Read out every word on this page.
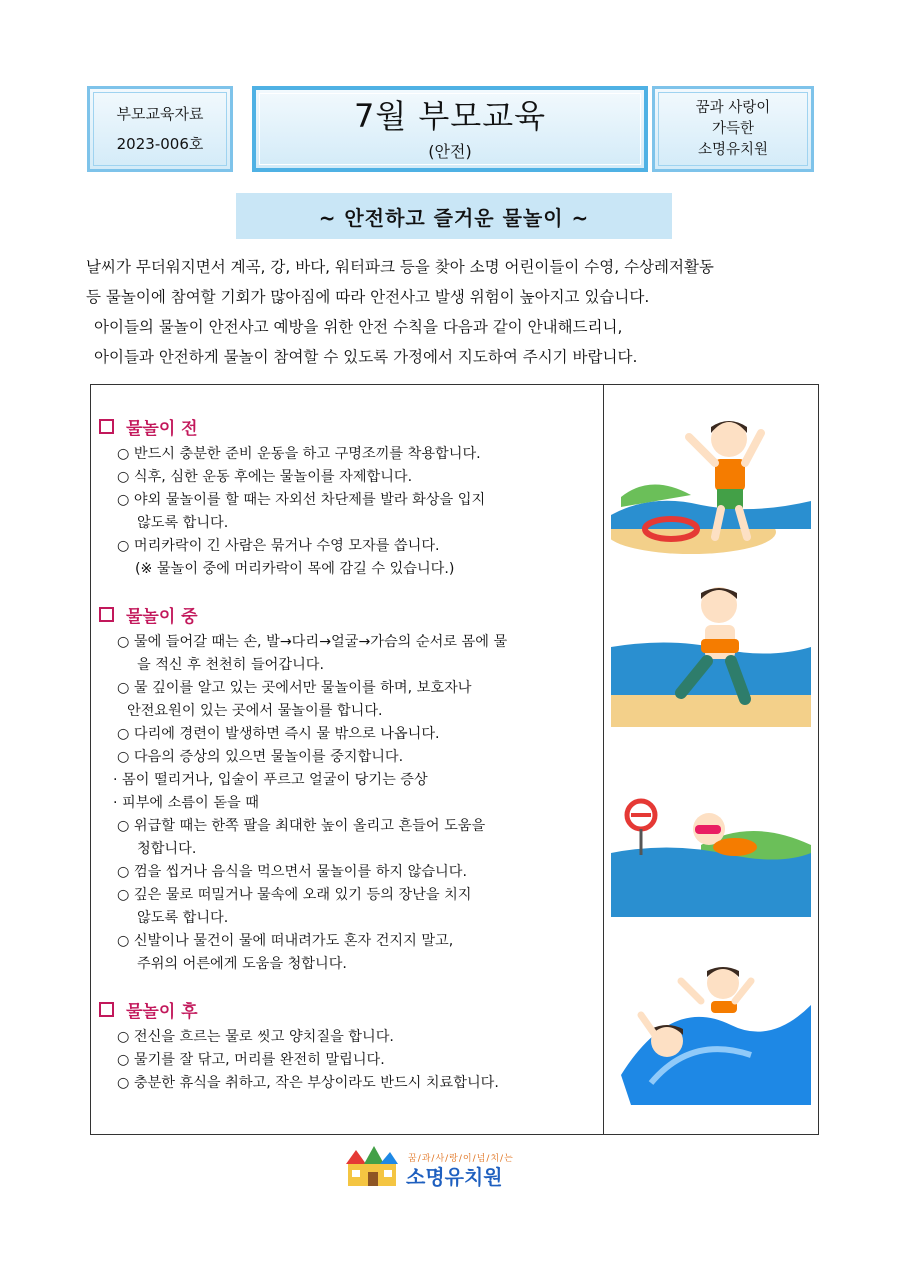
부모교육자료
2023-006호
7월 부모교육
(안전)
꿈과 사랑이
가득한
소명유치원
~ 안전하고 즐거운 물놀이 ~

날씨가 무더워지면서 계곡, 강, 바다, 워터파크 등을 찾아 소명 어린이들이 수영, 수상레저활동

등 물놀이에 참여할 기회가 많아짐에 따라 안전사고 발생 위험이 높아지고 있습니다.

아이들의 물놀이 안전사고 예방을 위한 안전 수칙을 다음과 같이 안내해드리니,

아이들과 안전하게 물놀이 참여할 수 있도록 가정에서 지도하여 주시기 바랍니다.

물놀이 전
○ 반드시 충분한 준비 운동을 하고 구명조끼를 착용합니다.
○ 식후, 심한 운동 후에는 물놀이를 자제합니다.
○ 야외 물놀이를 할 때는 자외선 차단제를 발라 화상을 입지
않도록 합니다.
○ 머리카락이 긴 사람은 묶거나 수영 모자를 씁니다.
(※ 물놀이 중에 머리카락이 목에 감길 수 있습니다.)
물놀이 중
○ 물에 들어갈 때는 손, 발→다리→얼굴→가슴의 순서로 몸에 물
을 적신 후 천천히 들어갑니다.
○ 물 깊이를 알고 있는 곳에서만 물놀이를 하며, 보호자나
안전요원이 있는 곳에서 물놀이를 합니다.
○ 다리에 경련이 발생하면 즉시 물 밖으로 나옵니다.
○ 다음의 증상의 있으면 물놀이를 중지합니다.
· 몸이 떨리거나, 입술이 푸르고 얼굴이 당기는 증상
· 피부에 소름이 돋을 때
○ 위급할 때는 한쪽 팔을 최대한 높이 올리고 흔들어 도움을
청합니다.
○ 껌을 씹거나 음식을 먹으면서 물놀이를 하지 않습니다.
○ 깊은 물로 떠밀거나 물속에 오래 있기 등의 장난을 치지
않도록 합니다.
○ 신발이나 물건이 물에 떠내려가도 혼자 건지지 말고,
주위의 어른에게 도움을 청합니다.
물놀이 후
○ 전신을 흐르는 물로 씻고 양치질을 합니다.
○ 물기를 잘 닦고, 머리를 완전히 말립니다.
○ 충분한 휴식을 취하고, 작은 부상이라도 반드시 치료합니다.
꿈/과/사/랑/이/넘/치/는
소명유치원
